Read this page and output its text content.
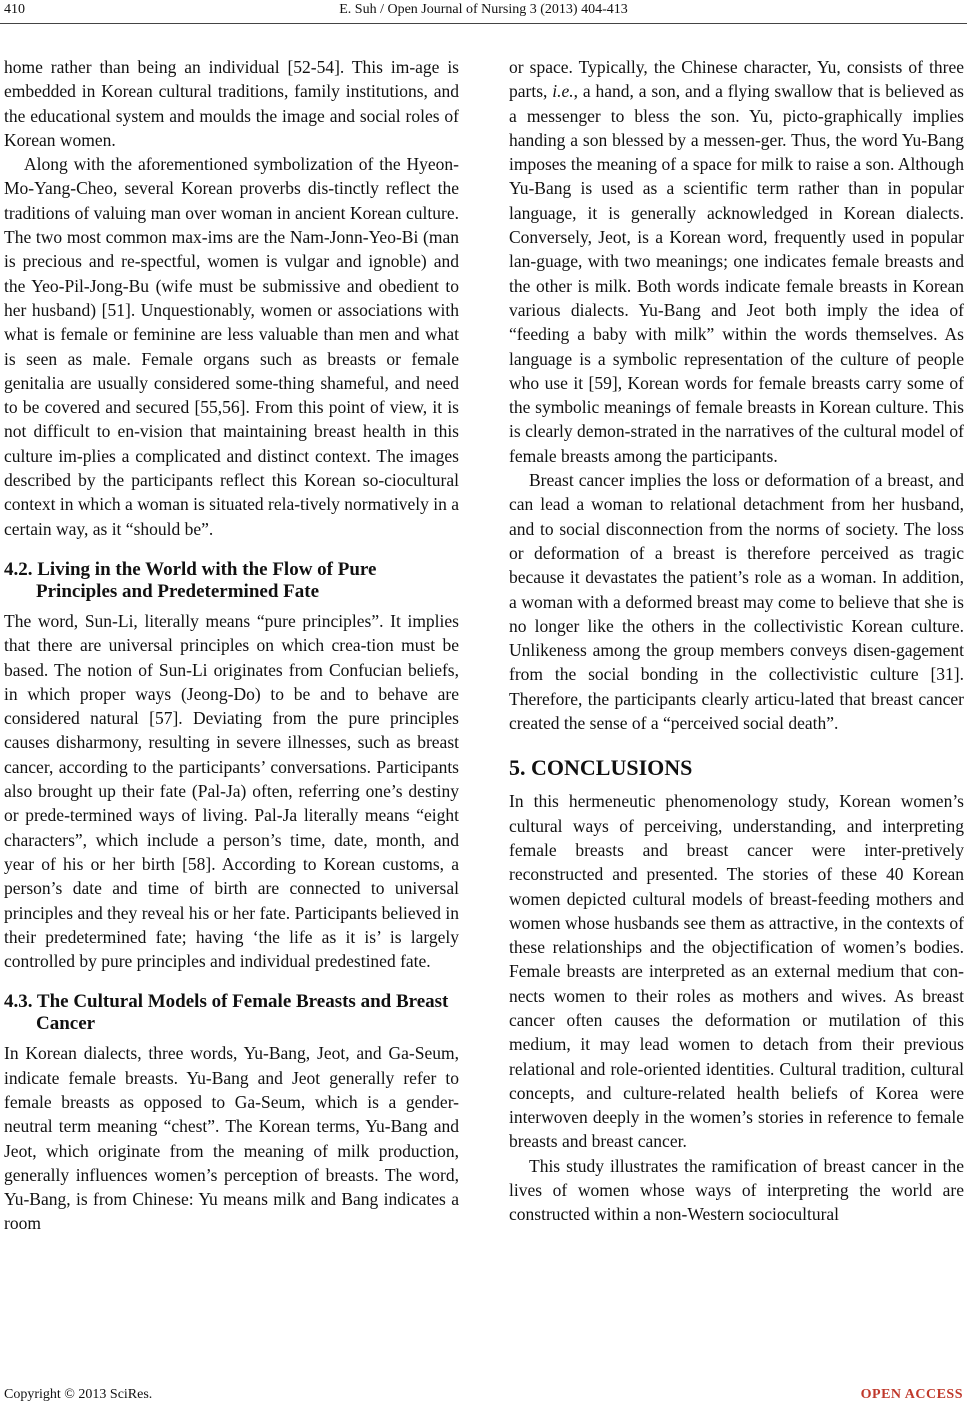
410	E. Suh / Open Journal of Nursing 3 (2013) 404-413

home rather than being an individual [52-54]. This im-age is embedded in Korean cultural traditions, family institutions, and the educational system and moulds the image and social roles of Korean women.

Along with the aforementioned symbolization of the Hyeon-Mo-Yang-Cheo, several Korean proverbs dis-tinctly reflect the traditions of valuing man over woman in ancient Korean culture. The two most common max-ims are the Nam-Jonn-Yeo-Bi (man is precious and re-spectful, women is vulgar and ignoble) and the Yeo-Pil-Jong-Bu (wife must be submissive and obedient to her husband) [51]. Unquestionably, women or associations with what is female or feminine are less valuable than men and what is seen as male. Female organs such as breasts or female genitalia are usually considered some-thing shameful, and need to be covered and secured [55,56]. From this point of view, it is not difficult to en-vision that maintaining breast health in this culture im-plies a complicated and distinct context. The images described by the participants reflect this Korean so-ciocultural context in which a woman is situated rela-tively normatively in a certain way, as it “should be”.

4.2. Living in the World with the Flow of Pure Principles and Predetermined Fate

The word, Sun-Li, literally means “pure principles”. It implies that there are universal principles on which crea-tion must be based. The notion of Sun-Li originates from Confucian beliefs, in which proper ways (Jeong-Do) to be and to behave are considered natural [57]. Deviating from the pure principles causes disharmony, resulting in severe illnesses, such as breast cancer, according to the participants’ conversations. Participants also brought up their fate (Pal-Ja) often, referring one’s destiny or prede-termined ways of living. Pal-Ja literally means “eight characters”, which include a person’s time, date, month, and year of his or her birth [58]. According to Korean customs, a person’s date and time of birth are connected to universal principles and they reveal his or her fate. Participants believed in their predetermined fate; having ‘the life as it is’ is largely controlled by pure principles and individual predestined fate.

4.3. The Cultural Models of Female Breasts and Breast Cancer

In Korean dialects, three words, Yu-Bang, Jeot, and Ga-Seum, indicate female breasts. Yu-Bang and Jeot generally refer to female breasts as opposed to Ga-Seum, which is a gender-neutral term meaning “chest”. The Korean terms, Yu-Bang and Jeot, which originate from the meaning of milk production, generally influences women’s perception of breasts. The word, Yu-Bang, is from Chinese: Yu means milk and Bang indicates a room

or space. Typically, the Chinese character, Yu, consists of three parts, i.e., a hand, a son, and a flying swallow that is believed as a messenger to bless the son. Yu, picto-graphically implies handing a son blessed by a messen-ger. Thus, the word Yu-Bang imposes the meaning of a space for milk to raise a son. Although Yu-Bang is used as a scientific term rather than in popular language, it is generally acknowledged in Korean dialects. Conversely, Jeot, is a Korean word, frequently used in popular lan-guage, with two meanings; one indicates female breasts and the other is milk. Both words indicate female breasts in Korean various dialects. Yu-Bang and Jeot both imply the idea of “feeding a baby with milk” within the words themselves. As language is a symbolic representation of the culture of people who use it [59], Korean words for female breasts carry some of the symbolic meanings of female breasts in Korean culture. This is clearly demon-strated in the narratives of the cultural model of female breasts among the participants.

Breast cancer implies the loss or deformation of a breast, and can lead a woman to relational detachment from her husband, and to social disconnection from the norms of society. The loss or deformation of a breast is therefore perceived as tragic because it devastates the patient’s role as a woman. In addition, a woman with a deformed breast may come to believe that she is no longer like the others in the collectivistic Korean culture. Unlikeness among the group members conveys disen-gagement from the social bonding in the collectivistic culture [31]. Therefore, the participants clearly articu-lated that breast cancer created the sense of a “perceived social death”.

5. CONCLUSIONS

In this hermeneutic phenomenology study, Korean women’s cultural ways of perceiving, understanding, and interpreting female breasts and breast cancer were inter-pretively reconstructed and presented. The stories of these 40 Korean women depicted cultural models of breast-feeding mothers and women whose husbands see them as attractive, in the contexts of these relationships and the objectification of women’s bodies. Female breasts are interpreted as an external medium that con-nects women to their roles as mothers and wives. As breast cancer often causes the deformation or mutilation of this medium, it may lead women to detach from their previous relational and role-oriented identities. Cultural tradition, cultural concepts, and culture-related health beliefs of Korea were interwoven deeply in the women’s stories in reference to female breasts and breast cancer.

This study illustrates the ramification of breast cancer in the lives of women whose ways of interpreting the world are constructed within a non-Western sociocultural

Copyright © 2013 SciRes.	OPEN ACCESS
